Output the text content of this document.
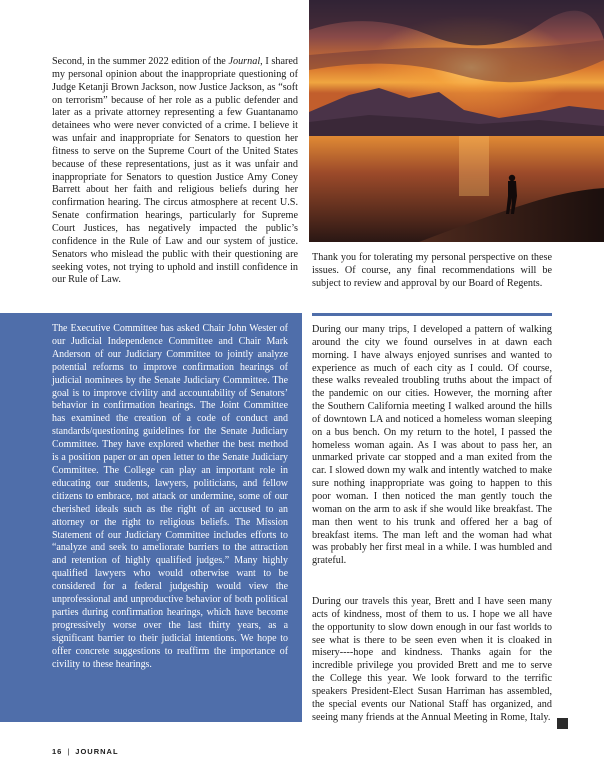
Second, in the summer 2022 edition of the Journal, I shared my personal opinion about the inappropriate questioning of Judge Ketanji Brown Jackson, now Justice Jackson, as “soft on terrorism” because of her role as a public defender and later as a private attorney representing a few Guantanamo detainees who were never convicted of a crime. I believe it was unfair and inappropriate for Senators to question her fitness to serve on the Supreme Court of the United States because of these representations, just as it was unfair and inappropriate for Senators to question Justice Amy Coney Barrett about her faith and religious beliefs during her confirmation hearing. The circus atmosphere at recent U.S. Senate confirmation hearings, particularly for Supreme Court Justices, has negatively impacted the public’s confidence in the Rule of Law and our system of justice. Senators who mislead the public with their questioning are seeking votes, not trying to uphold and instill confidence in our Rule of Law.

The Executive Committee has asked Chair John Wester of our Judicial Independence Committee and Chair Mark Anderson of our Judiciary Committee to jointly analyze potential reforms to improve confirmation hearings of judicial nominees by the Senate Judiciary Committee. The goal is to improve civility and accountability of Senators’ behavior in confirmation hearings. The Joint Committee has examined the creation of a code of conduct and standards/questioning guidelines for the Senate Judiciary Committee. They have explored whether the best method is a position paper or an open letter to the Senate Judiciary Committee. The College can play an important role in educating our students, lawyers, politicians, and fellow citizens to embrace, not attack or undermine, some of our cherished ideals such as the right of an accused to an attorney or the right to religious beliefs. The Mission Statement of our Judiciary Committee includes efforts to “analyze and seek to ameliorate barriers to the attraction and retention of highly qualified judges.” Many highly qualified lawyers who would otherwise want to be considered for a federal judgeship would view the unprofessional and unproductive behavior of both political parties during confirmation hearings, which have become progressively worse over the last thirty years, as a significant barrier to their judicial intentions. We hope to offer concrete suggestions to reaffirm the importance of civility to these hearings.

Thank you for tolerating my personal perspective on these issues. Of course, any final recommendations will be subject to review and approval by our Board of Regents.

During our many trips, I developed a pattern of walking around the city we found ourselves in at dawn each morning. I have always enjoyed sunrises and wanted to experience as much of each city as I could. Of course, these walks revealed troubling truths about the impact of the pandemic on our cities. However, the morning after the Southern California meeting I walked around the hills of downtown LA and noticed a homeless woman sleeping on a bus bench. On my return to the hotel, I passed the homeless woman again. As I was about to pass her, an unmarked private car stopped and a man exited from the car. I slowed down my walk and intently watched to make sure nothing inappropriate was going to happen to this poor woman. I then noticed the man gently touch the woman on the arm to ask if she would like breakfast. The man then went to his trunk and offered her a bag of breakfast items. The man left and the woman had what was probably her first meal in a while. I was humbled and grateful.

During our travels this year, Brett and I have seen many acts of kindness, most of them to us. I hope we all have the opportunity to slow down enough in our fast worlds to see what is there to be seen even when it is cloaked in misery----hope and kindness. Thanks again for the incredible privilege you provided Brett and me to serve the College this year. We look forward to the terrific speakers President-Elect Susan Harriman has assembled, the special events our National Staff has organized, and seeing many friends at the Annual Meeting in Rome, Italy.

16 | JOURNAL
